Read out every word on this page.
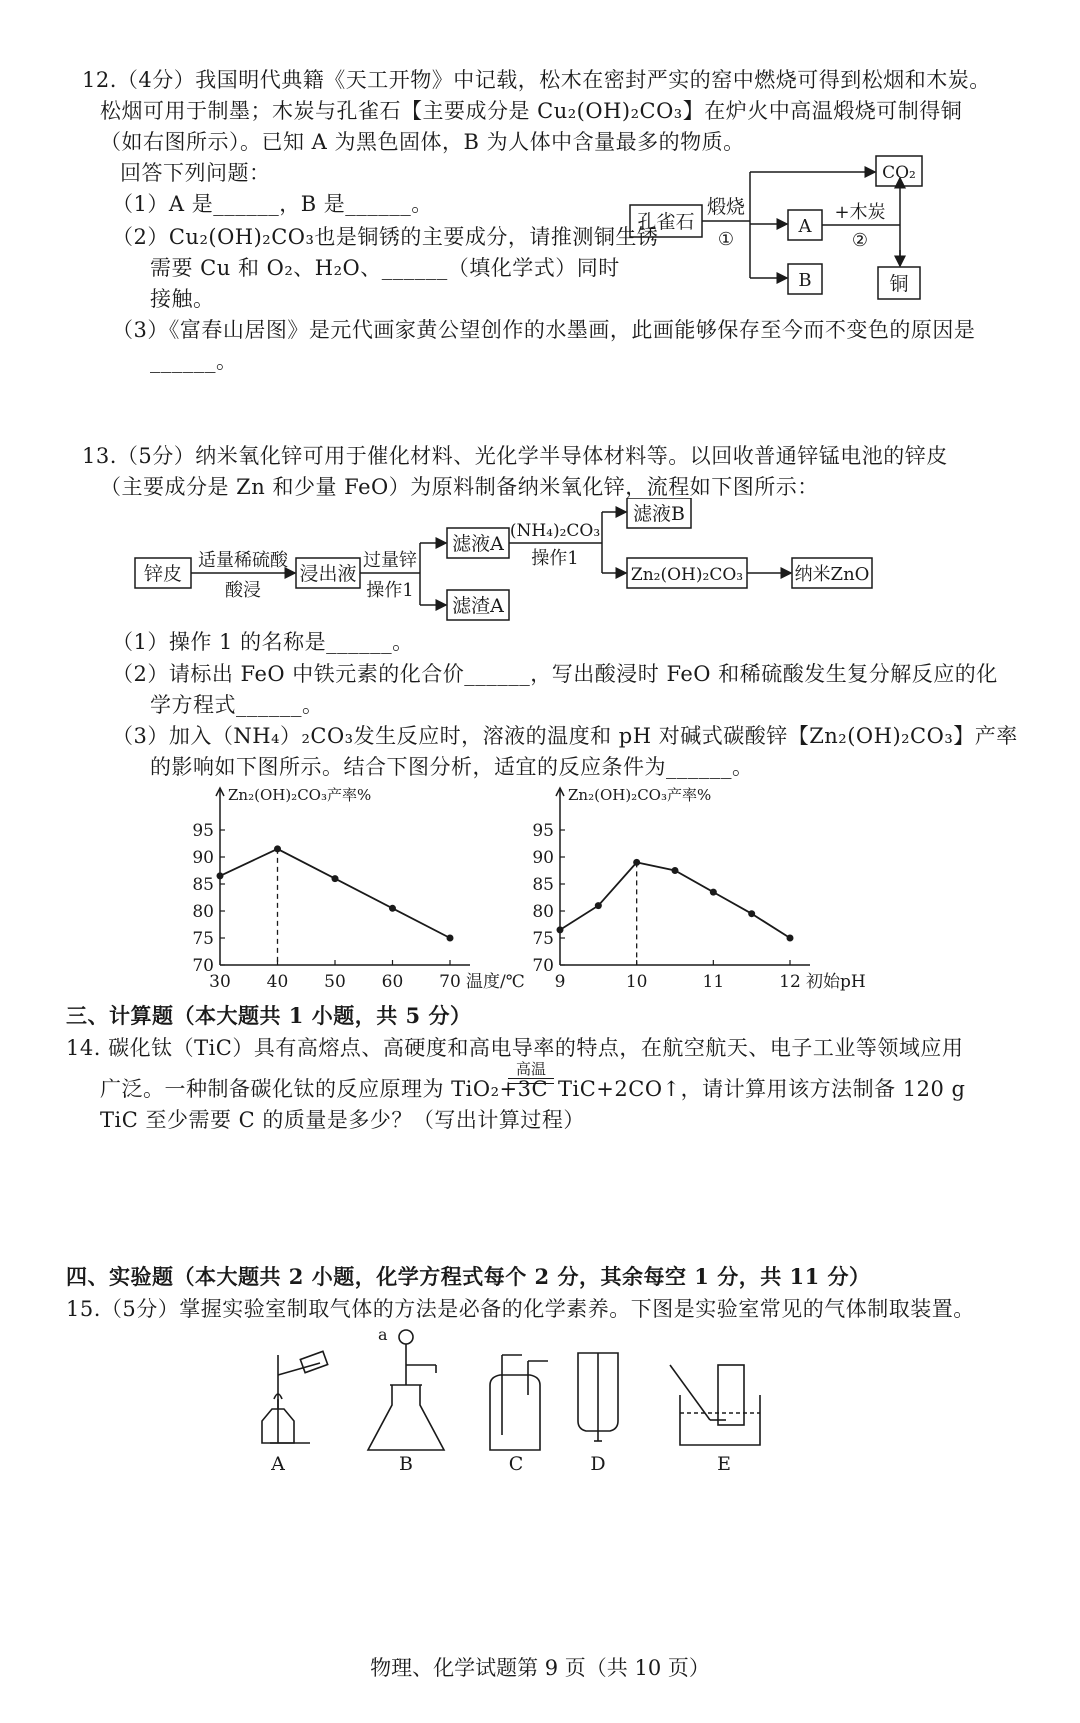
12.（4分）我国明代典籍《天工开物》中记载，松木在密封严实的窑中燃烧可得到松烟和木炭。
松烟可用于制墨；木炭与孔雀石【主要成分是 Cu₂(OH)₂CO₃】在炉火中高温煅烧可制得铜
（如右图所示）。已知 A 为黑色固体，B 为人体中含量最多的物质。
回答下列问题：
（1）A 是______，B 是______。
（2）Cu₂(OH)₂CO₃也是铜锈的主要成分，请推测铜生锈
需要 Cu 和 O₂、H₂O、______（填化学式）同时
接触。
（3）《富春山居图》是元代画家黄公望创作的水墨画，此画能够保存至今而不变色的原因是
______。
孔雀石
煅烧
①
A
B
+木炭
②
CO₂
铜
13.（5分）纳米氧化锌可用于催化材料、光化学半导体材料等。以回收普通锌锰电池的锌皮
（主要成分是 Zn 和少量 FeO）为原料制备纳米氧化锌，流程如下图所示：
锌皮
适量稀硫酸
酸浸
浸出液
过量锌
操作1
滤液A
滤渣A
(NH₄)₂CO₃
操作1
滤液B
Zn₂(OH)₂CO₃	纳米ZnO
（1）操作 1 的名称是______。
（2）请标出 FeO 中铁元素的化合价______，写出酸浸时 FeO 和稀硫酸发生复分解反应的化
学方程式______。
（3）加入（NH₄）₂CO₃发生反应时，溶液的温度和 pH 对碱式碳酸锌【Zn₂(OH)₂CO₃】产率
的影响如下图所示。结合下图分析，适宜的反应条件为______。
Zn₂(OH)₂CO₃产率%
70
75
80
85
90
95
30 40 50 60 70 温度/℃
Zn₂(OH)₂CO₃产率%
70
75
80
85
90
95
9	10	11	12 初始pH
三、计算题（本大题共 1 小题，共 5 分）
14. 碳化钛（TiC）具有高熔点、高硬度和高电导率的特点，在航空航天、电子工业等领域应用
广泛。一种制备碳化钛的反应原理为 TiO₂+3C
高温
TiC+2CO↑，请计算用该方法制备 120 g
TiC 至少需要 C 的质量是多少？（写出计算过程）
四、实验题（本大题共 2 小题，化学方程式每个 2 分，其余每空 1 分，共 11 分）
15.（5分）掌握实验室制取气体的方法是必备的化学素养。下图是实验室常见的气体制取装置。
a
A	B	C	D	E
物理、化学试题第 9 页（共 10 页）
